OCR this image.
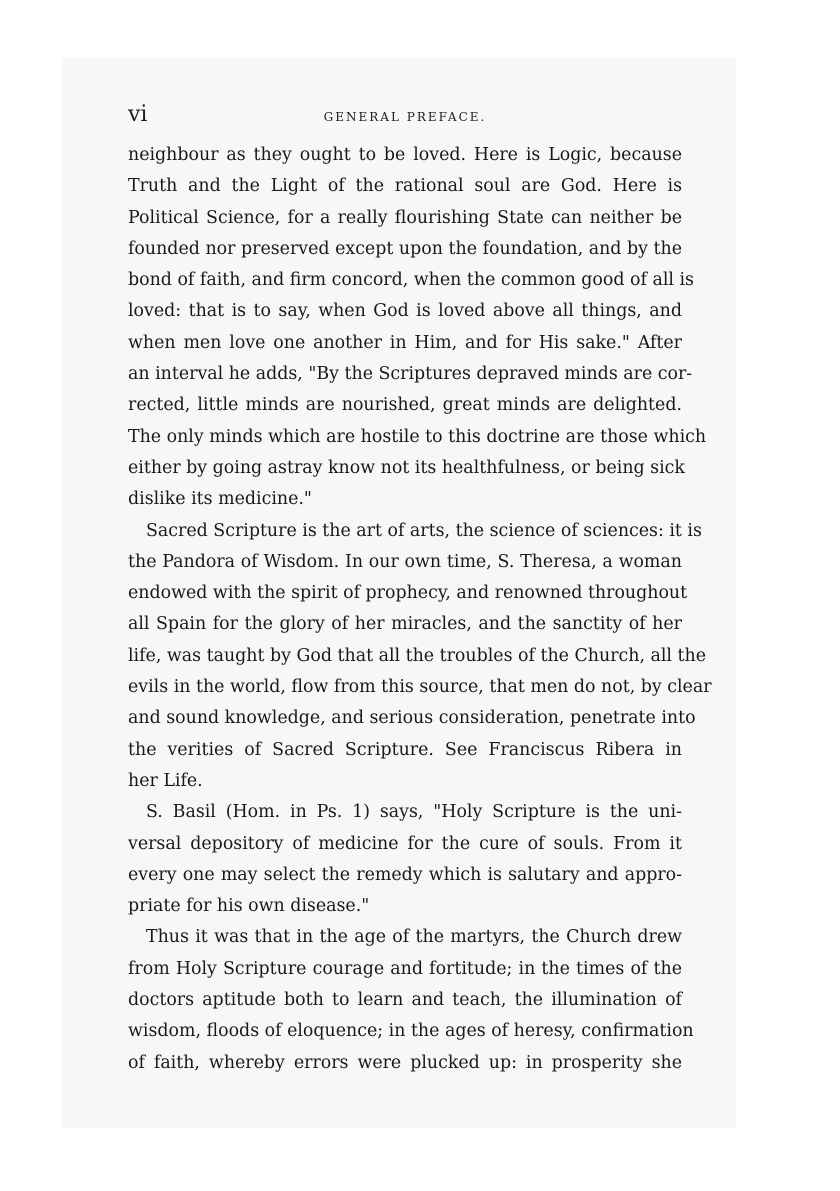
vi	GENERAL PREFACE.
neighbour as they ought to be loved. Here is Logic, because
Truth and the Light of the rational soul are God. Here is
Political Science, for a really flourishing State can neither be
founded nor preserved except upon the foundation, and by the
bond of faith, and firm concord, when the common good of all is
loved: that is to say, when God is loved above all things, and
when men love one another in Him, and for His sake." After
an interval he adds, "By the Scriptures depraved minds are cor-
rected, little minds are nourished, great minds are delighted.
The only minds which are hostile to this doctrine are those which
either by going astray know not its healthfulness, or being sick
dislike its medicine."
Sacred Scripture is the art of arts, the science of sciences: it is
the Pandora of Wisdom. In our own time, S. Theresa, a woman
endowed with the spirit of prophecy, and renowned throughout
all Spain for the glory of her miracles, and the sanctity of her
life, was taught by God that all the troubles of the Church, all the
evils in the world, flow from this source, that men do not, by clear
and sound knowledge, and serious consideration, penetrate into
the verities of Sacred Scripture. See Franciscus Ribera in
her Life.
S. Basil (Hom. in Ps. 1) says, "Holy Scripture is the uni-
versal depository of medicine for the cure of souls. From it
every one may select the remedy which is salutary and appro-
priate for his own disease."
Thus it was that in the age of the martyrs, the Church drew
from Holy Scripture courage and fortitude; in the times of the
doctors aptitude both to learn and teach, the illumination of
wisdom, floods of eloquence; in the ages of heresy, confirmation
of faith, whereby errors were plucked up: in prosperity she
